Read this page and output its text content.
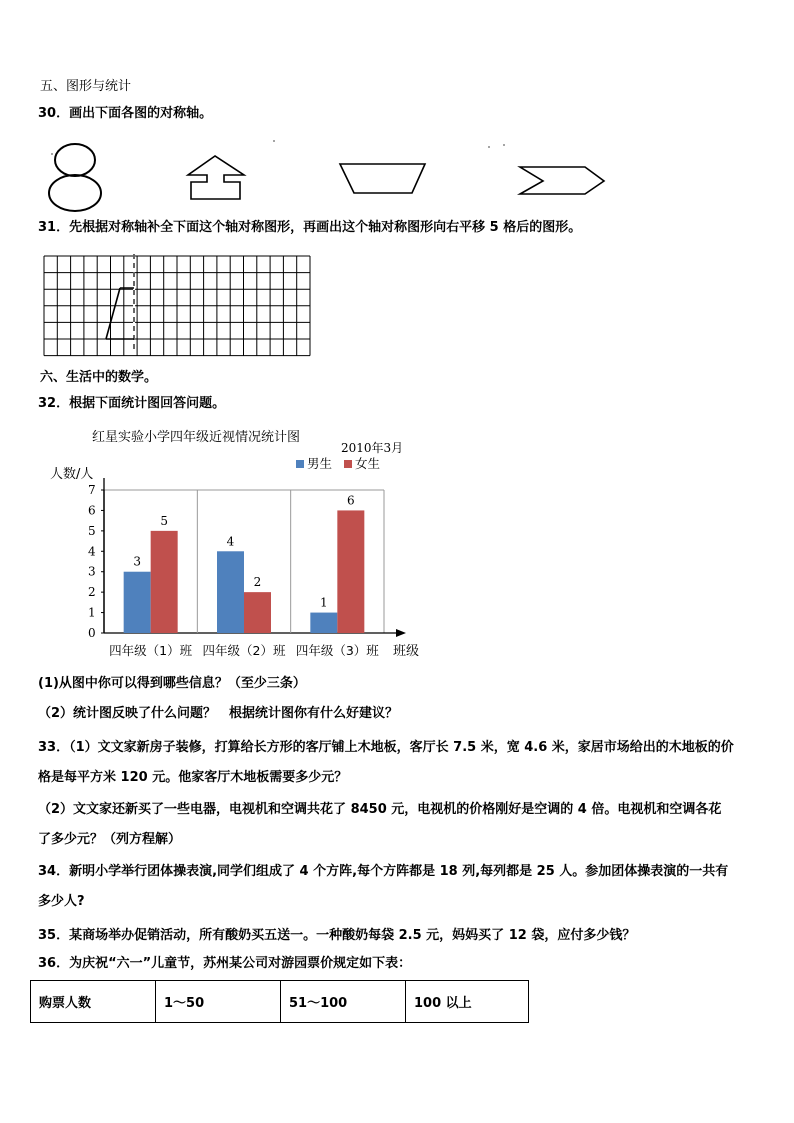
五、图形与统计
30．画出下面各图的对称轴。
31．先根据对称轴补全下面这个轴对称图形，再画出这个轴对称图形向右平移 5 格后的图形。
六、生活中的数学。
32．根据下面统计图回答问题。
红星实验小学四年级近视情况统计图
2010年3月
人数/人
班级
男生 女生
0
1
2
3
4
5
6
7
四年级（1）班 四年级（2）班 四年级（3）班
3
4
1
5
2
6
(1)从图中你可以得到哪些信息？（至少三条）
（2）统计图反映了什么问题？　根据统计图你有什么好建议？
33．（1）文文家新房子装修，打算给长方形的客厅铺上木地板，客厅长 7.5 米，宽 4.6 米，家居市场给出的木地板的价
格是每平方米 120 元。他家客厅木地板需要多少元？
（2）文文家还新买了一些电器，电视机和空调共花了 8450 元，电视机的价格刚好是空调的 4 倍。电视机和空调各花
了多少元？（列方程解）
34．新明小学举行团体操表演,同学们组成了 4 个方阵,每个方阵都是 18 列,每列都是 25 人。参加团体操表演的一共有
多少人?
35．某商场举办促销活动，所有酸奶买五送一。一种酸奶每袋 2.5 元，妈妈买了 12 袋，应付多少钱？
36．为庆祝“六一”儿童节，苏州某公司对游园票价规定如下表：
购票人数	1～50	51～100	100 以上
